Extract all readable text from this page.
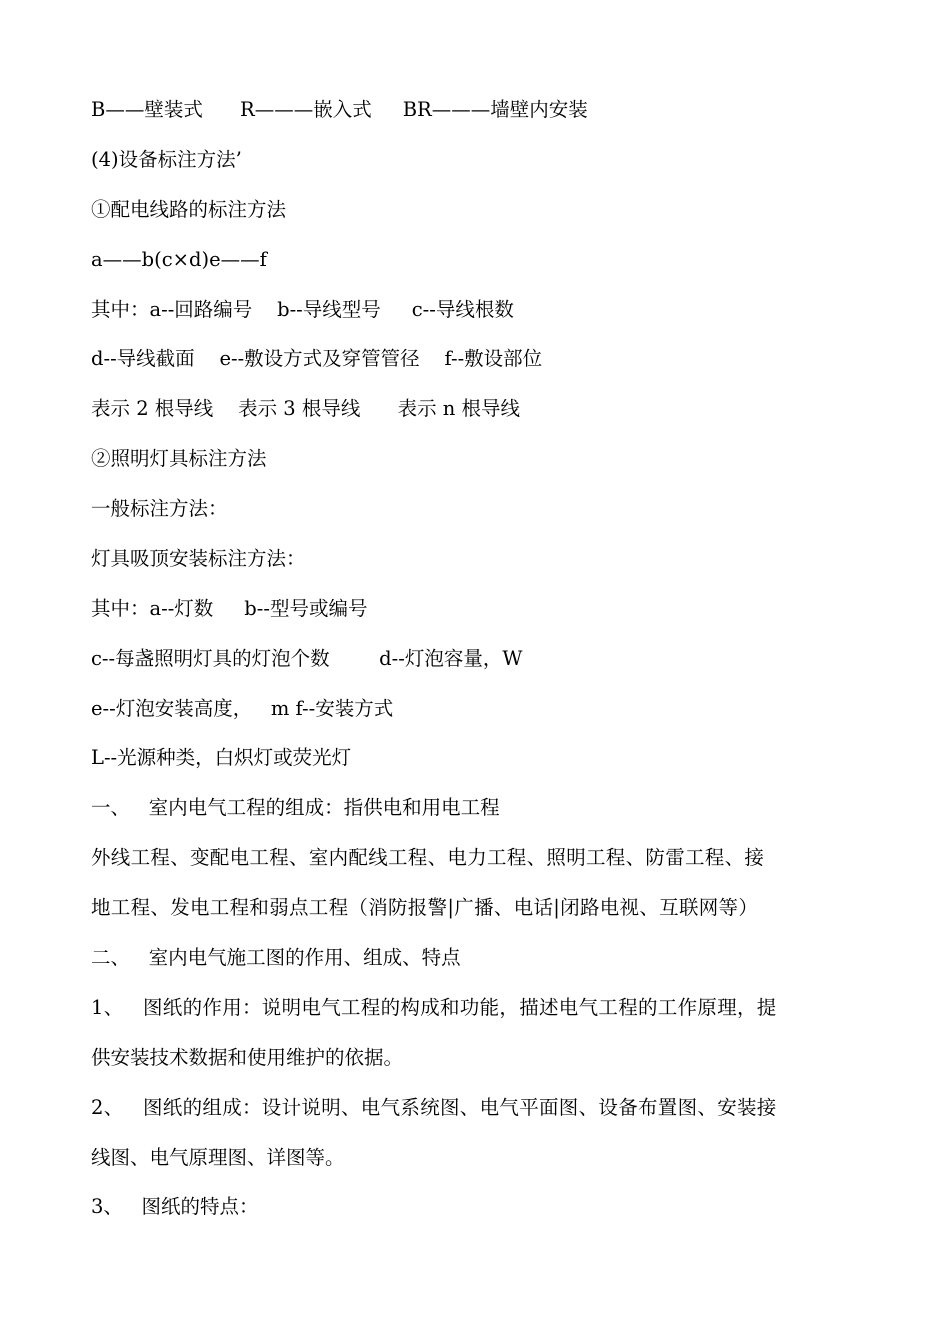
B——壁装式      R———嵌入式     BR———墙壁内安装
(4)设备标注方法’
①配电线路的标注方法
a——b(c×d)e——f
其中：a--回路编号    b--导线型号     c--导线根数
d--导线截面    e--敷设方式及穿管管径    f--敷设部位
表示 2 根导线    表示 3 根导线      表示 n 根导线
②照明灯具标注方法
一般标注方法：
灯具吸顶安装标注方法：
其中：a--灯数     b--型号或编号
c--每盏照明灯具的灯泡个数        d--灯泡容量，W
e--灯泡安装高度，   m f--安装方式
L--光源种类，白炽灯或荧光灯
一、   室内电气工程的组成：指供电和用电工程
外线工程、变配电工程、室内配线工程、电力工程、照明工程、防雷工程、接
地工程、发电工程和弱点工程（消防报警|广播、电话|闭路电视、互联网等）
二、   室内电气施工图的作用、组成、特点
1、   图纸的作用：说明电气工程的构成和功能，描述电气工程的工作原理，提
供安装技术数据和使用维护的依据。
2、   图纸的组成：设计说明、电气系统图、电气平面图、设备布置图、安装接
线图、电气原理图、详图等。
3、   图纸的特点：
